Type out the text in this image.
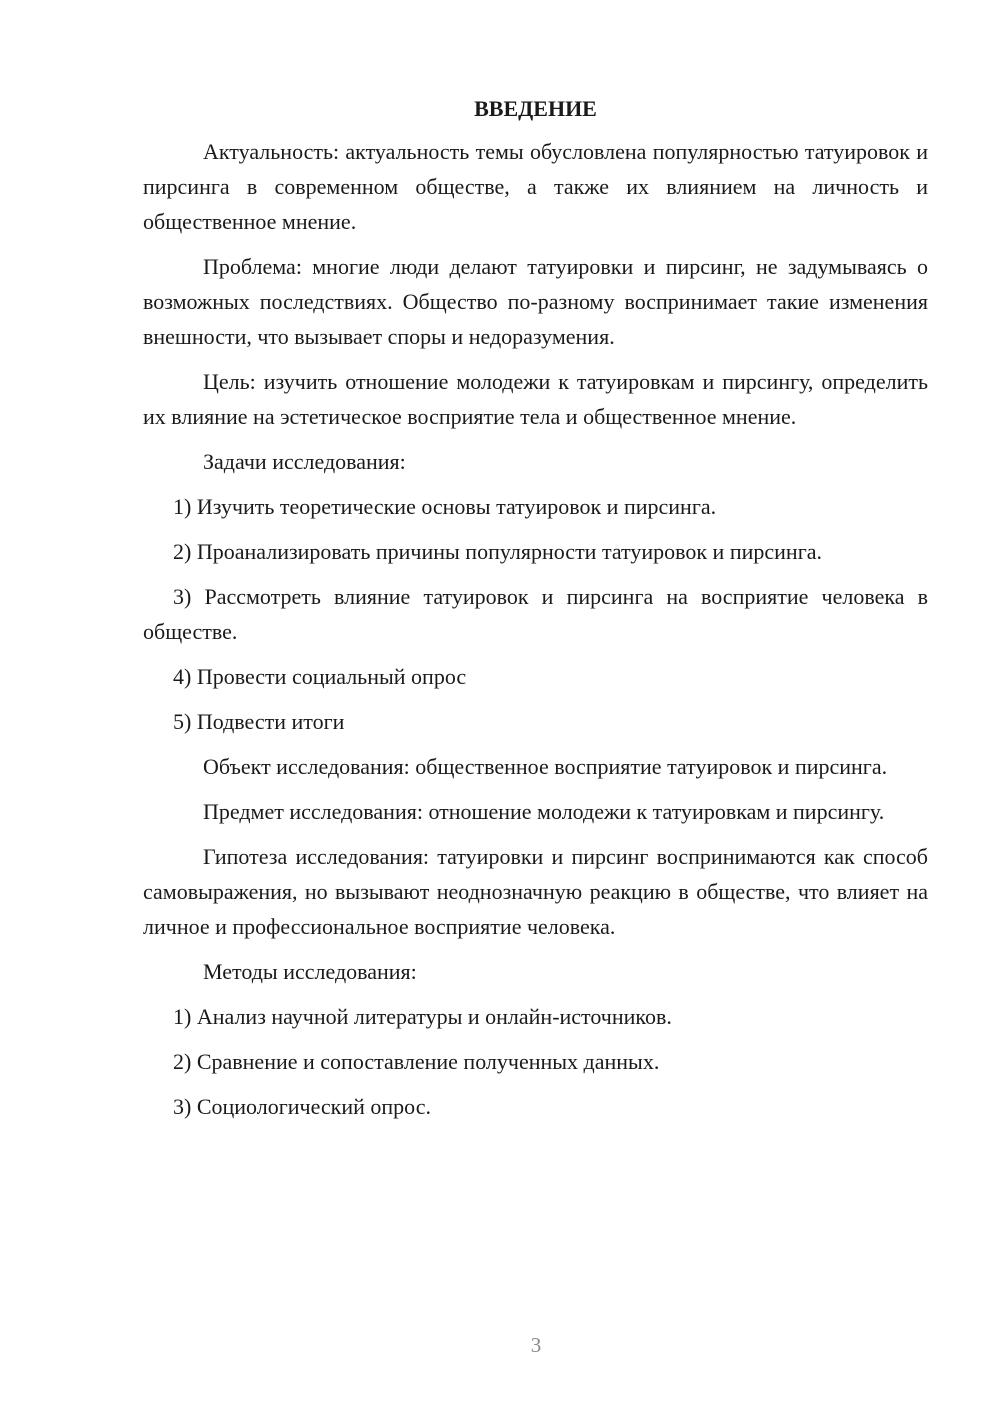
ВВЕДЕНИЕ

Актуальность: актуальность темы обусловлена популярностью татуировок и пирсинга в современном обществе, а также их влиянием на личность и общественное мнение.

Проблема: многие люди делают татуировки и пирсинг, не задумываясь о возможных последствиях. Общество по-разному воспринимает такие изменения внешности, что вызывает споры и недоразумения.

Цель: изучить отношение молодежи к татуировкам и пирсингу, определить их влияние на эстетическое восприятие тела и общественное мнение.

Задачи исследования:

1) Изучить теоретические основы татуировок и пирсинга.

2) Проанализировать причины популярности татуировок и пирсинга.

3) Рассмотреть влияние татуировок и пирсинга на восприятие человека в обществе.

4) Провести социальный опрос

5) Подвести итоги

Объект исследования: общественное восприятие татуировок и пирсинга.

Предмет исследования: отношение молодежи к татуировкам и пирсингу.

Гипотеза исследования: татуировки и пирсинг воспринимаются как способ самовыражения, но вызывают неоднозначную реакцию в обществе, что влияет на личное и профессиональное восприятие человека.

Методы исследования:

1) Анализ научной литературы и онлайн-источников.

2) Сравнение и сопоставление полученных данных.

3) Социологический опрос.

3
